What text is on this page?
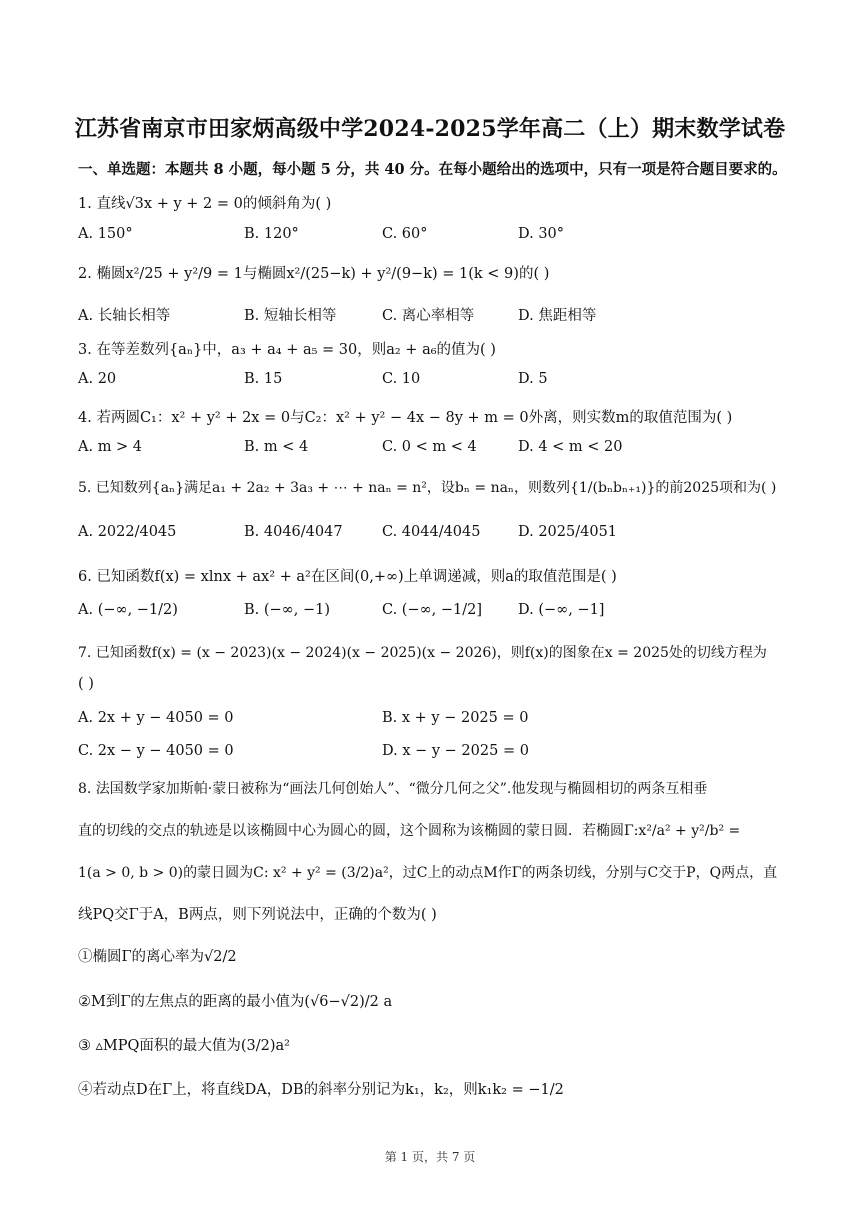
江苏省南京市田家炳高级中学2024-2025学年高二（上）期末数学试卷
一、单选题：本题共 8 小题，每小题 5 分，共 40 分。在每小题给出的选项中，只有一项是符合题目要求的。
1. 直线√3x + y + 2 = 0的倾斜角为( )
A. 150°	B. 120°	C. 60°	D. 30°
2. 椭圆x²/25 + y²/9 = 1与椭圆x²/(25−k) + y²/(9−k) = 1(k < 9)的( )
A. 长轴长相等	B. 短轴长相等	C. 离心率相等	D. 焦距相等
3. 在等差数列{aₙ}中，a₃ + a₄ + a₅ = 30，则a₂ + a₆的值为( )
A. 20	B. 15	C. 10	D. 5
4. 若两圆C₁：x² + y² + 2x = 0与C₂：x² + y² − 4x − 8y + m = 0外离，则实数m的取值范围为( )
A. m > 4	B. m < 4	C. 0 < m < 4	D. 4 < m < 20
5. 已知数列{aₙ}满足a₁ + 2a₂ + 3a₃ + ⋯ + naₙ = n²，设bₙ = naₙ，则数列{1/(bₙbₙ₊₁)}的前2025项和为( )
A. 2022/4045	B. 4046/4047	C. 4044/4045	D. 2025/4051
6. 已知函数f(x) = xlnx + ax² + a²在区间(0,+∞)上单调递减，则a的取值范围是( )
A. (−∞, −1/2)	B. (−∞, −1)	C. (−∞, −1/2] D. (−∞, −1]
7. 已知函数f(x) = (x − 2023)(x − 2024)(x − 2025)(x − 2026)，则f(x)的图象在x = 2025处的切线方程为
( )
A. 2x + y − 4050 = 0	B. x + y − 2025 = 0
C. 2x − y − 4050 = 0	D. x − y − 2025 = 0
8. 法国数学家加斯帕·蒙日被称为“画法几何创始人”、“微分几何之父”.他发现与椭圆相切的两条互相垂
直的切线的交点的轨迹是以该椭圆中心为圆心的圆，这个圆称为该椭圆的蒙日圆．若椭圆Γ:x²/a² + y²/b² =
1(a > 0, b > 0)的蒙日圆为C: x² + y² = (3/2)a²，过C上的动点M作Γ的两条切线，分别与C交于P，Q两点，直
线PQ交Γ于A，B两点，则下列说法中，正确的个数为( )
①椭圆Γ的离心率为√2/2
②M到Γ的左焦点的距离的最小值为(√6−√2)/2 a
③ ▵MPQ面积的最大值为(3/2)a²
④若动点D在Γ上，将直线DA，DB的斜率分别记为k₁，k₂，则k₁k₂ = −1/2
第 1 页，共 7 页
